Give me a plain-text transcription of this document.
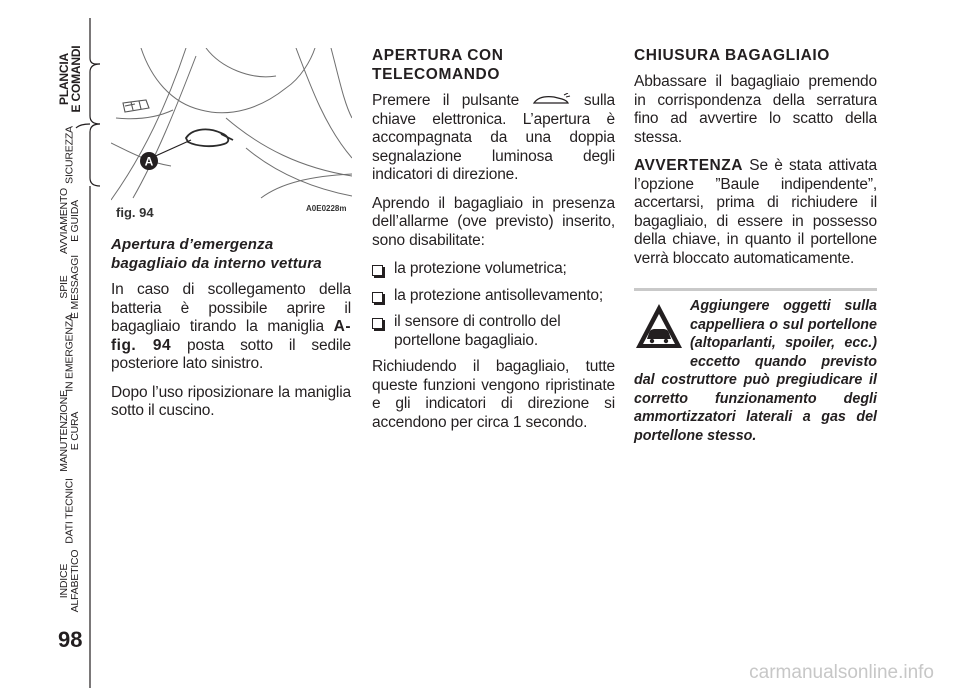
PLANCIA
E COMANDI
SICUREZZA
AVVIAMENTO
E GUIDA
SPIE
E MESSAGGI
IN EMERGENZA
MANUTENZIONE
E CURA
DATI TECNICI
INDICE
ALFABETICO
98
A
fig. 94	A0E0228m
Apertura d’emergenza bagagliaio da interno vettura

In caso di scollegamento della batteria è possibile aprire il bagagliaio tirando la maniglia A-fig. 94 posta sotto il sedile posteriore lato sinistro.

Dopo l’uso riposizionare la maniglia sotto il cuscino.

APERTURA CON
TELECOMANDO

Premere il pulsante	sulla chiave elettronica. L’apertura è accompagnata da una doppia segnalazione luminosa degli indicatori di direzione.

Aprendo il bagagliaio in presenza dell’allarme (ove previsto) inserito, sono disabilitate:

la protezione volumetrica;
la protezione antisollevamento;
il sensore di controllo del portellone bagagliaio.

Richiudendo il bagagliaio, tutte queste funzioni vengono ripristinate e gli indicatori di direzione si accendono per circa 1 secondo.

CHIUSURA BAGAGLIAIO

Abbassare il bagagliaio premendo in corrispondenza della serratura fino ad avvertire lo scatto della stessa.

AVVERTENZA Se è stata attivata l’opzione ”Baule indipendente”, accertarsi, prima di richiudere il bagagliaio, di essere in possesso della chiave, in quanto il portellone verrà bloccato automaticamente.

Aggiungere oggetti sulla cappelliera o sul portellone (altoparlanti, spoiler, ecc.) eccetto quando previsto dal costruttore può pregiudicare il corretto funzionamento degli ammortizzatori laterali a gas del portellone stesso.

carmanualsonline.info
